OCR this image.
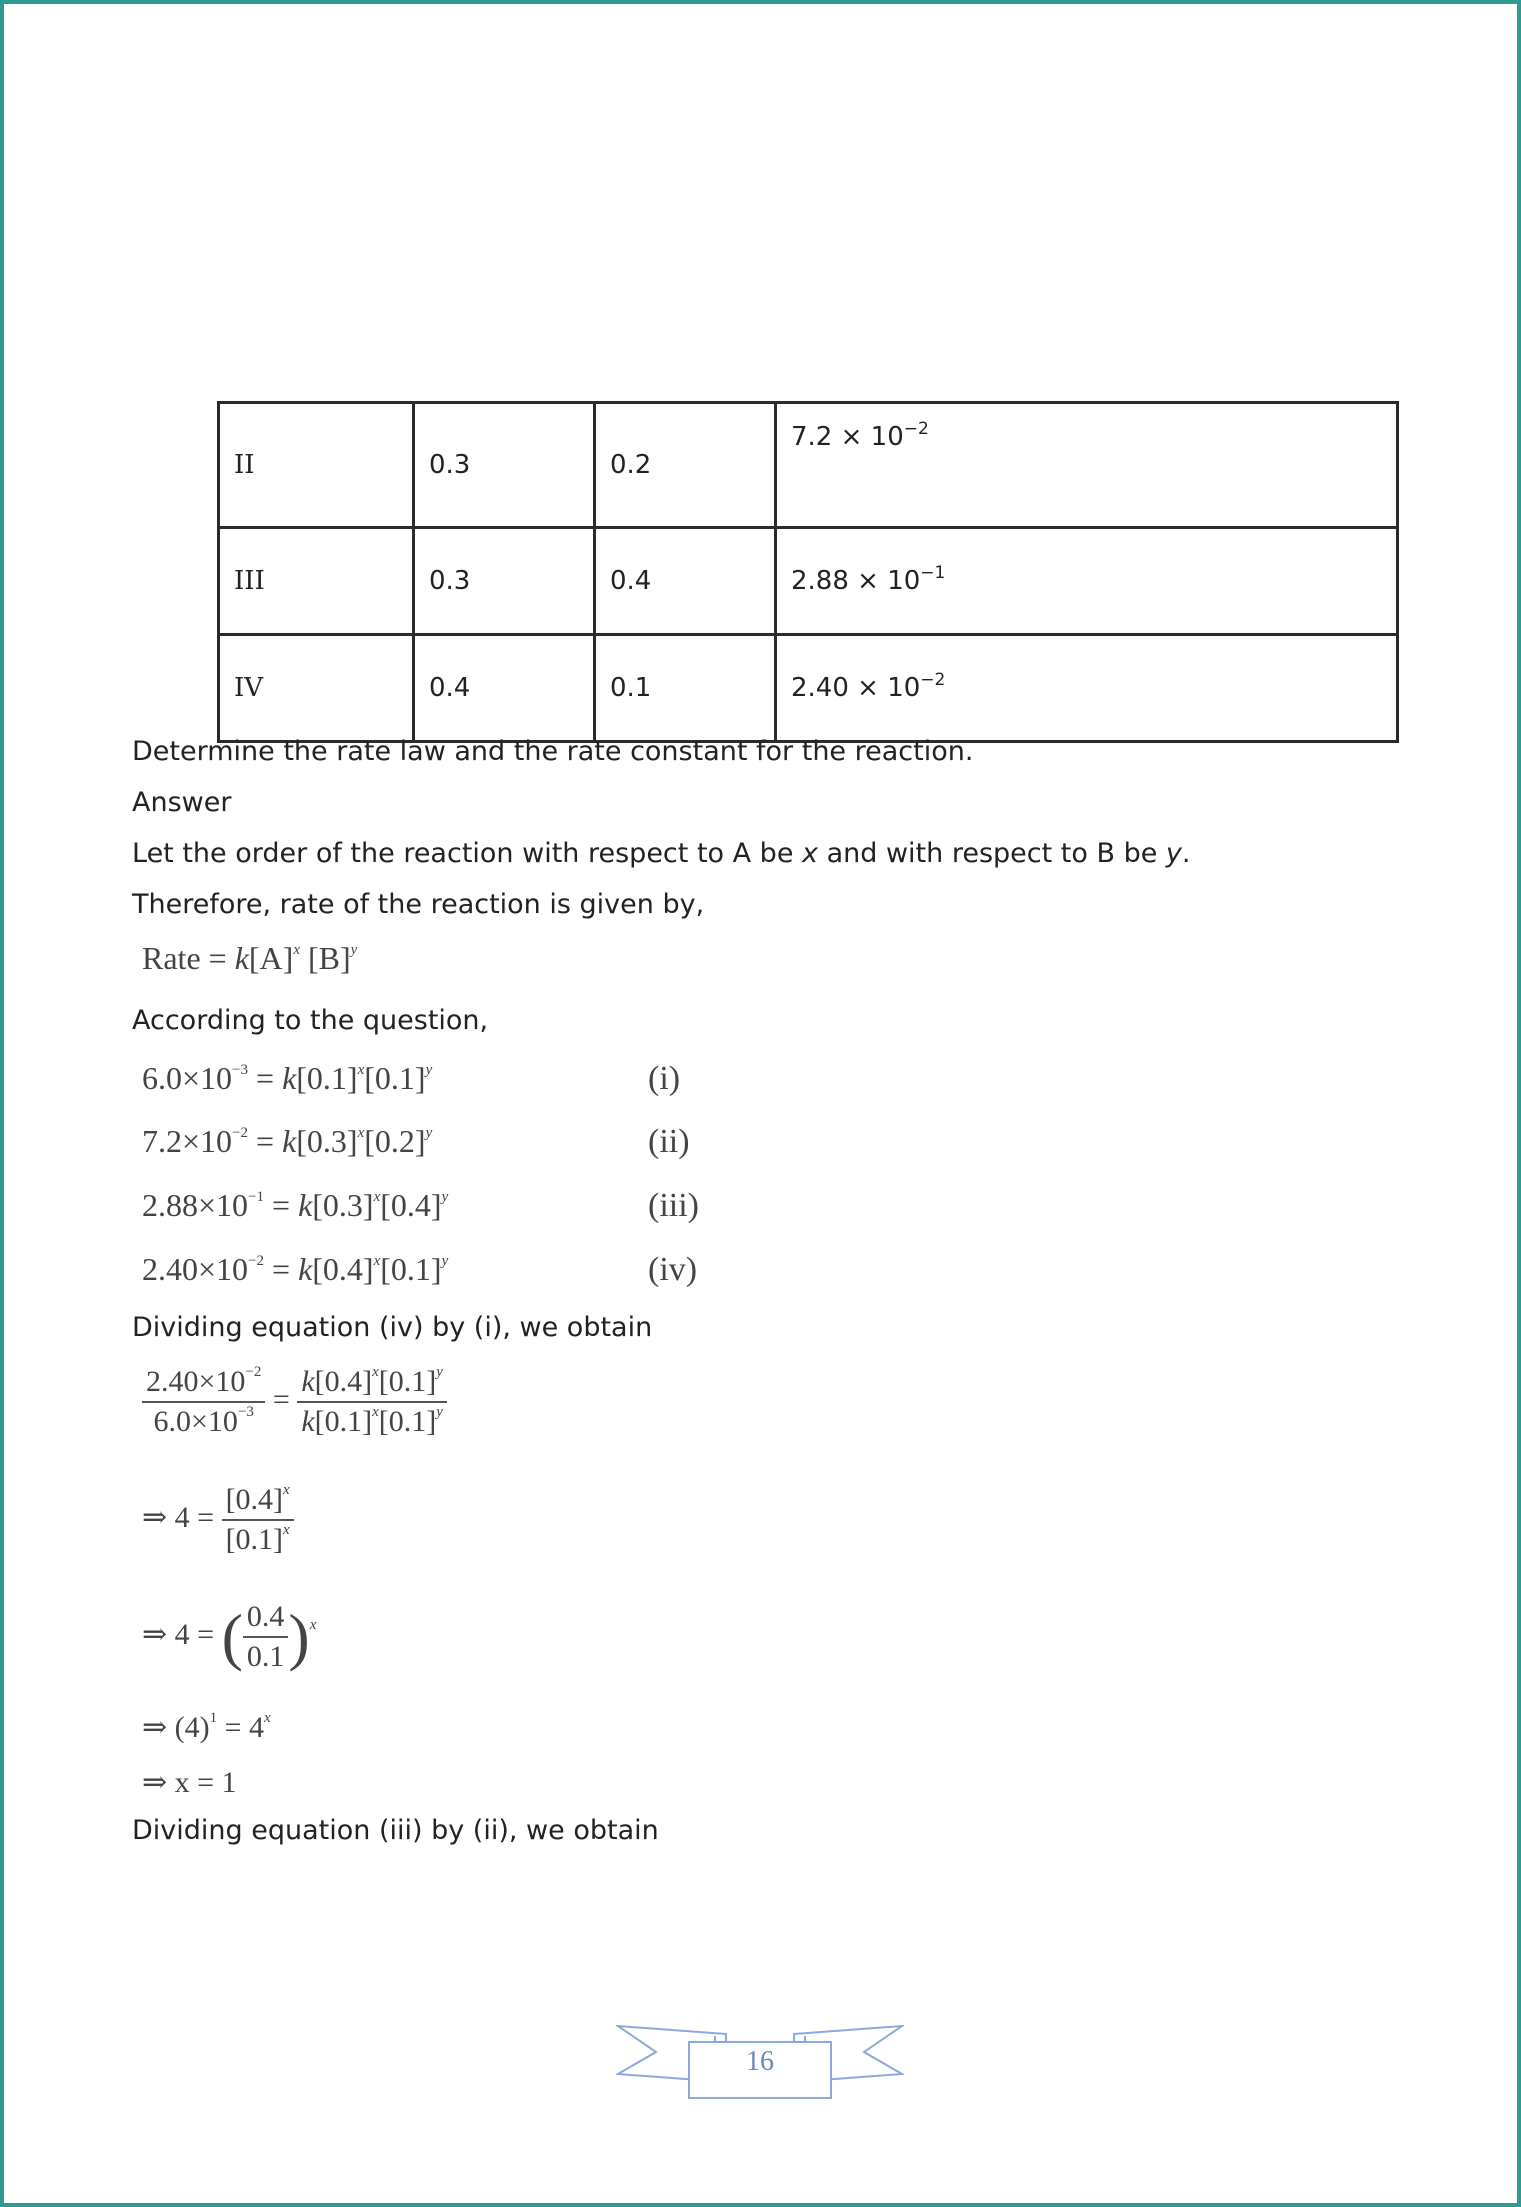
II	0.3	0.2	$7.2 \times 10^{-2}$
III	0.3	0.4	$2.88 \times 10^{-1}$
IV	0.4	0.1	$2.40 \times 10^{-2}$
Determine the rate law and the rate constant for the reaction.
Answer
Let the order of the reaction with respect to A be x and with respect to B be y.
Therefore, rate of the reaction is given by,
Rate = $k[A]^x$ $[B]^y$
According to the question,
$6.0\times 10^{-3} = k[0.1]^x[0.1]^y$	(i)
$7.2\times 10^{-2} = k[0.3]^x[0.2]^y$	(ii)
$2.88\times 10^{-1} = k[0.3]^x[0.4]^y$	(iii)
$2.40\times 10^{-2} = k[0.4]^x[0.1]^y$	(iv)
Dividing equation (iv) by (i), we obtain
$\frac{2.40\times 10^{-2}}{6.0\times 10^{-3}} = \frac{k[0.4]^x[0.1]^y}{k[0.1]^x[0.1]^y}$
⇒ $4 = \frac{[0.4]^x}{[0.1]^x}$
⇒ 4 = ( $\frac{0.4}{0.1} )^x$
⇒ $(4)^1 = 4^x$
⇒ x = 1
Dividing equation (iii) by (ii), we obtain
16
